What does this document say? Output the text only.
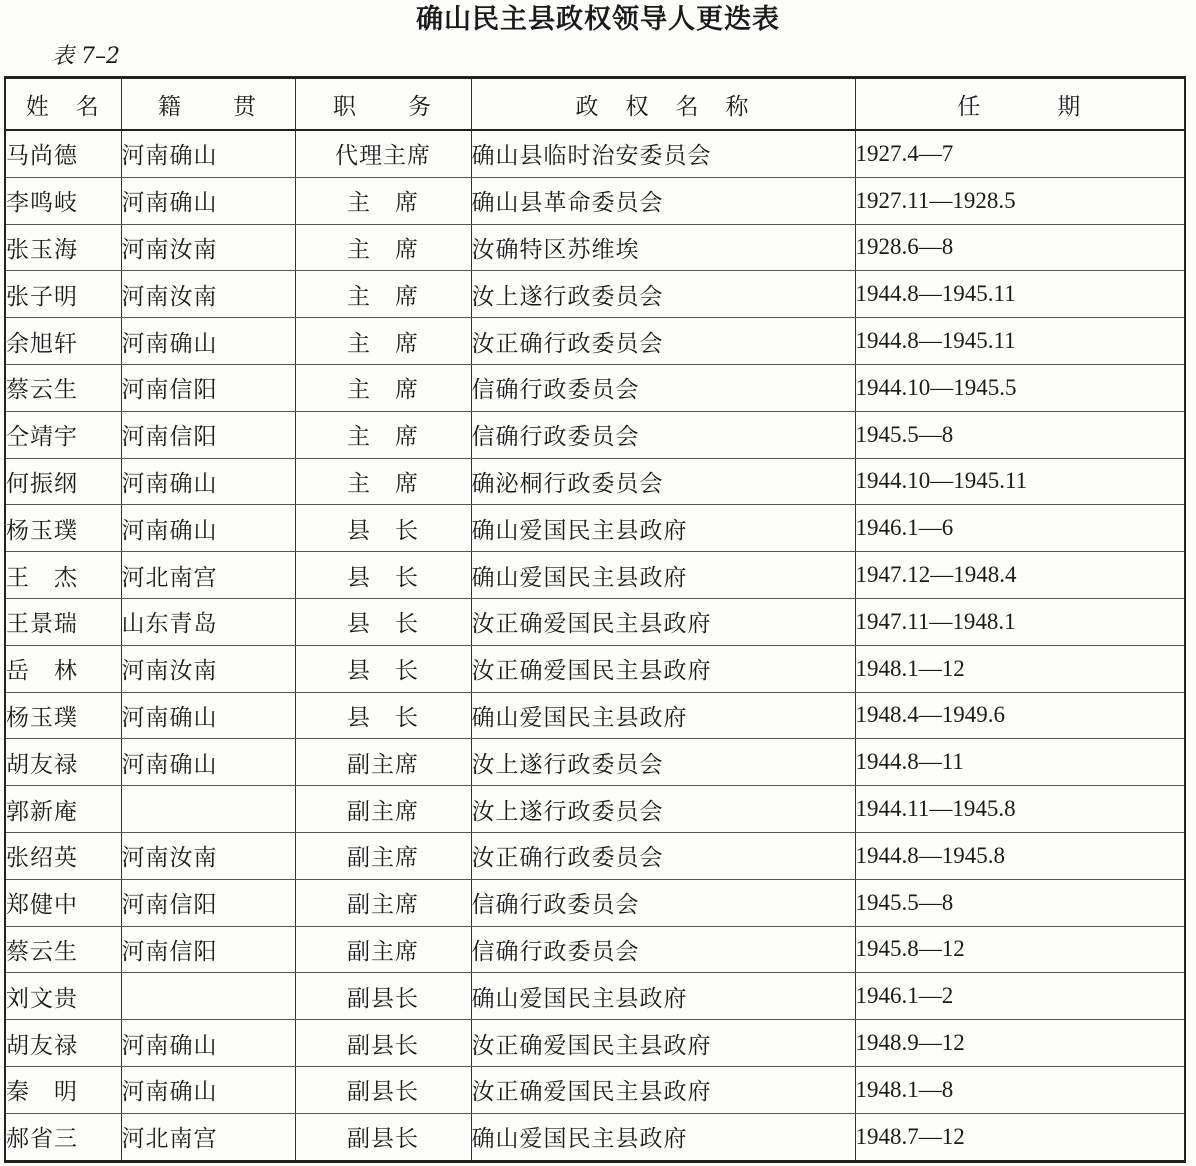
确山民主县政权领导人更迭表
表 7–2
姓　名	籍　　贯	职　　务	政　权　名　称	任　　　期
马尚德	河南确山	代理主席	确山县临时治安委员会	1927.4—7
李鸣岐	河南确山	主　席	确山县革命委员会	1927.11—1928.5
张玉海	河南汝南	主　席	汝确特区苏维埃	1928.6—8
张子明	河南汝南	主　席	汝上遂行政委员会	1944.8—1945.11
余旭轩	河南确山	主　席	汝正确行政委员会	1944.8—1945.11
蔡云生	河南信阳	主　席	信确行政委员会	1944.10—1945.5
仝靖宇	河南信阳	主　席	信确行政委员会	1945.5—8
何振纲	河南确山	主　席	确泌桐行政委员会	1944.10—1945.11
杨玉璞	河南确山	县　长	确山爱国民主县政府	1946.1—6
王　杰	河北南宫	县　长	确山爱国民主县政府	1947.12—1948.4
王景瑞	山东青岛	县　长	汝正确爱国民主县政府	1947.11—1948.1
岳　林	河南汝南	县　长	汝正确爱国民主县政府	1948.1—12
杨玉璞	河南确山	县　长	确山爱国民主县政府	1948.4—1949.6
胡友禄	河南确山	副主席	汝上遂行政委员会	1944.8—11
郭新庵		副主席	汝上遂行政委员会	1944.11—1945.8
张绍英	河南汝南	副主席	汝正确行政委员会	1944.8—1945.8
郑健中	河南信阳	副主席	信确行政委员会	1945.5—8
蔡云生	河南信阳	副主席	信确行政委员会	1945.8—12
刘文贵		副县长	确山爱国民主县政府	1946.1—2
胡友禄	河南确山	副县长	汝正确爱国民主县政府	1948.9—12
秦　明	河南确山	副县长	汝正确爱国民主县政府	1948.1—8
郝省三	河北南宫	副县长	确山爱国民主县政府	1948.7—12
